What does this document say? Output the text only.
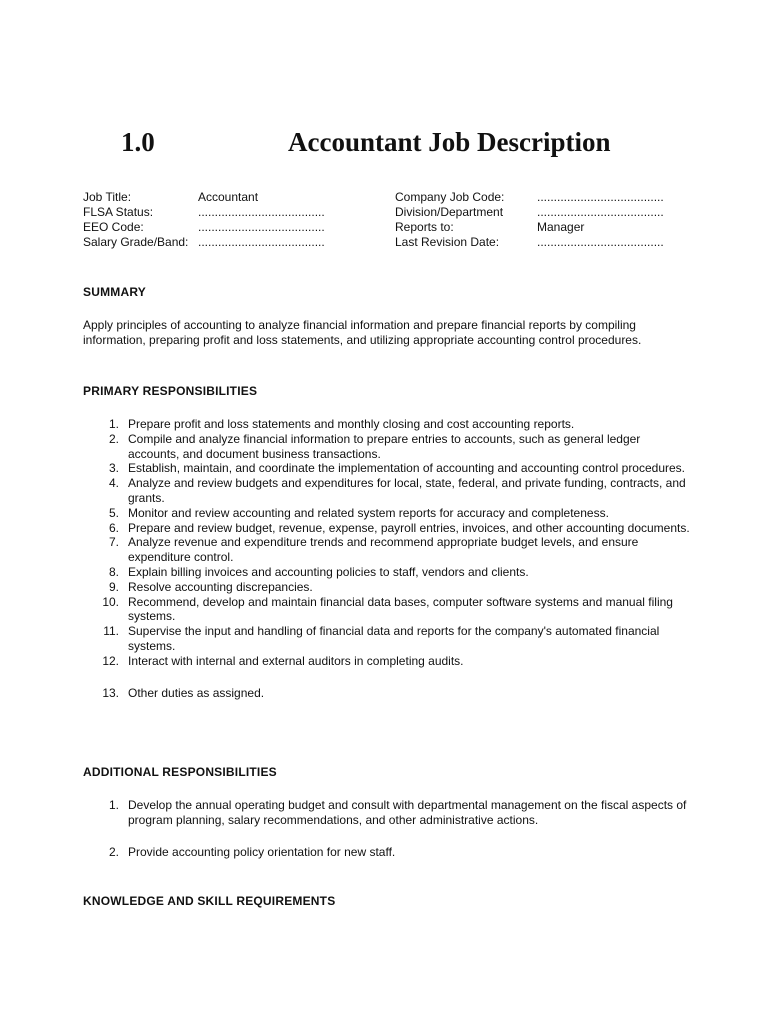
1.0	Accountant Job Description
Job Title:	Accountant
FLSA Status:	......................................
EEO Code:	......................................
Salary Grade/Band: ......................................
Company Job Code:	......................................
Division/Department	......................................
Reports to:	Manager
Last Revision Date:	......................................
SUMMARY
Apply principles of accounting to analyze financial information and prepare financial reports by compiling information, preparing profit and loss statements, and utilizing appropriate accounting control procedures.
PRIMARY RESPONSIBILITIES
1. Prepare profit and loss statements and monthly closing and cost accounting reports.
2. Compile and analyze financial information to prepare entries to accounts, such as general ledger accounts, and document business transactions.
3. Establish, maintain, and coordinate the implementation of accounting and accounting control procedures.
4. Analyze and review budgets and expenditures for local, state, federal, and private funding, contracts, and grants.
5. Monitor and review accounting and related system reports for accuracy and completeness.
6. Prepare and review budget, revenue, expense, payroll entries, invoices, and other accounting documents.
7. Analyze revenue and expenditure trends and recommend appropriate budget levels, and ensure expenditure control.
8. Explain billing invoices and accounting policies to staff, vendors and clients.
9. Resolve accounting discrepancies.
10. Recommend, develop and maintain financial data bases, computer software systems and manual filing systems.
11. Supervise the input and handling of financial data and reports for the company's automated financial systems.
12. Interact with internal and external auditors in completing audits.
13. Other duties as assigned.
ADDITIONAL RESPONSIBILITIES
1. Develop the annual operating budget and consult with departmental management on the fiscal aspects of program planning, salary recommendations, and other administrative actions.
2. Provide accounting policy orientation for new staff.
KNOWLEDGE AND SKILL REQUIREMENTS
